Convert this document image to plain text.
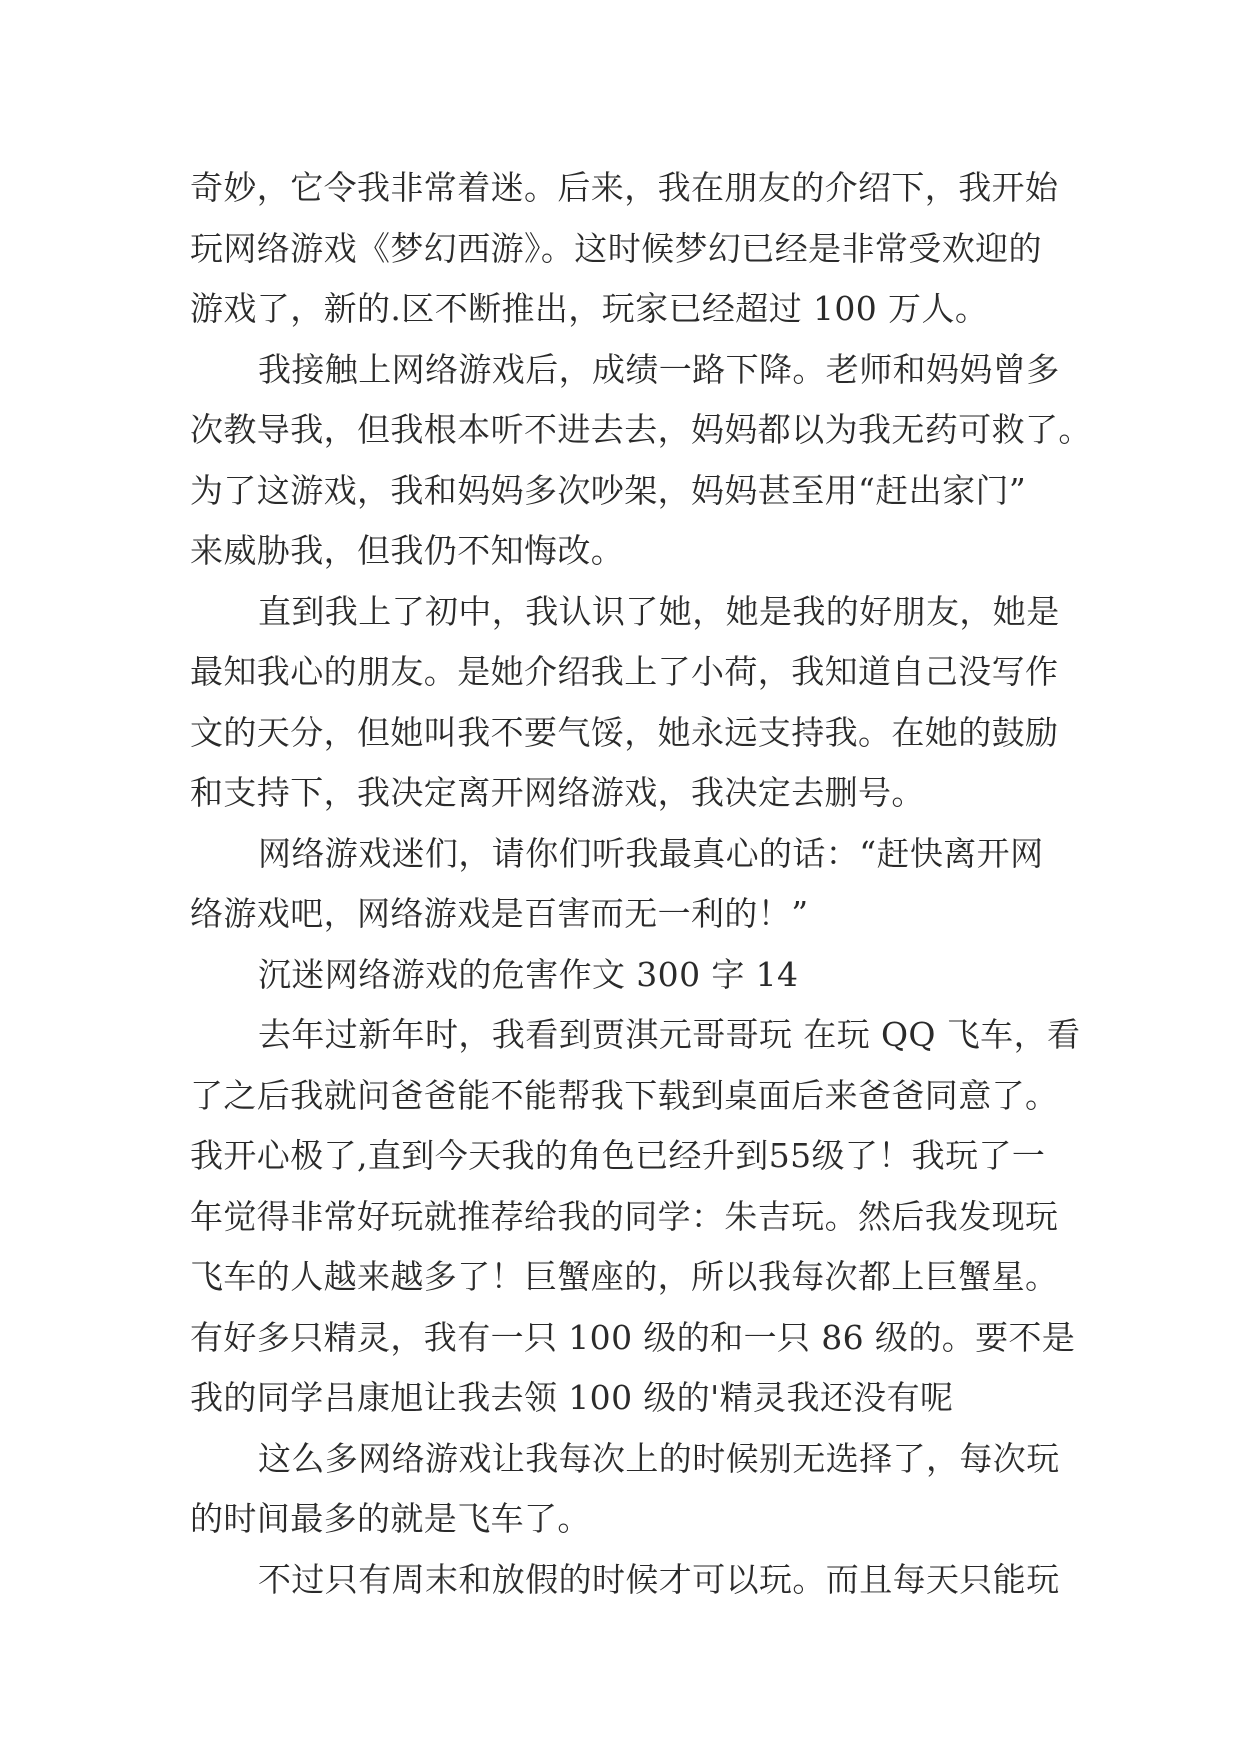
奇妙，它令我非常着迷。后来，我在朋友的介绍下，我开始
玩网络游戏《梦幻西游》。这时候梦幻已经是非常受欢迎的
游戏了，新的.区不断推出，玩家已经超过 100 万人。
我接触上网络游戏后，成绩一路下降。老师和妈妈曾多
次教导我，但我根本听不进去去，妈妈都以为我无药可救了。
为了这游戏，我和妈妈多次吵架，妈妈甚至用“赶出家门”
来威胁我，但我仍不知悔改。
直到我上了初中，我认识了她，她是我的好朋友，她是
最知我心的朋友。是她介绍我上了小荷，我知道自己没写作
文的天分，但她叫我不要气馁，她永远支持我。在她的鼓励
和支持下，我决定离开网络游戏，我决定去删号。
网络游戏迷们，请你们听我最真心的话：“赶快离开网
络游戏吧，网络游戏是百害而无一利的！”
沉迷网络游戏的危害作文 300 字 14
去年过新年时，我看到贾淇元哥哥玩 在玩 QQ 飞车，看
了之后我就问爸爸能不能帮我下载到桌面后来爸爸同意了。
我开心极了,直到今天我的角色已经升到55级了！我玩了一
年觉得非常好玩就推荐给我的同学：朱吉玩。然后我发现玩
飞车的人越来越多了！巨蟹座的，所以我每次都上巨蟹星。
有好多只精灵，我有一只 100 级的和一只 86 级的。要不是
我的同学吕康旭让我去领 100 级的'精灵我还没有呢
这么多网络游戏让我每次上的时候别无选择了，每次玩
的时间最多的就是飞车了。
不过只有周末和放假的时候才可以玩。而且每天只能玩
